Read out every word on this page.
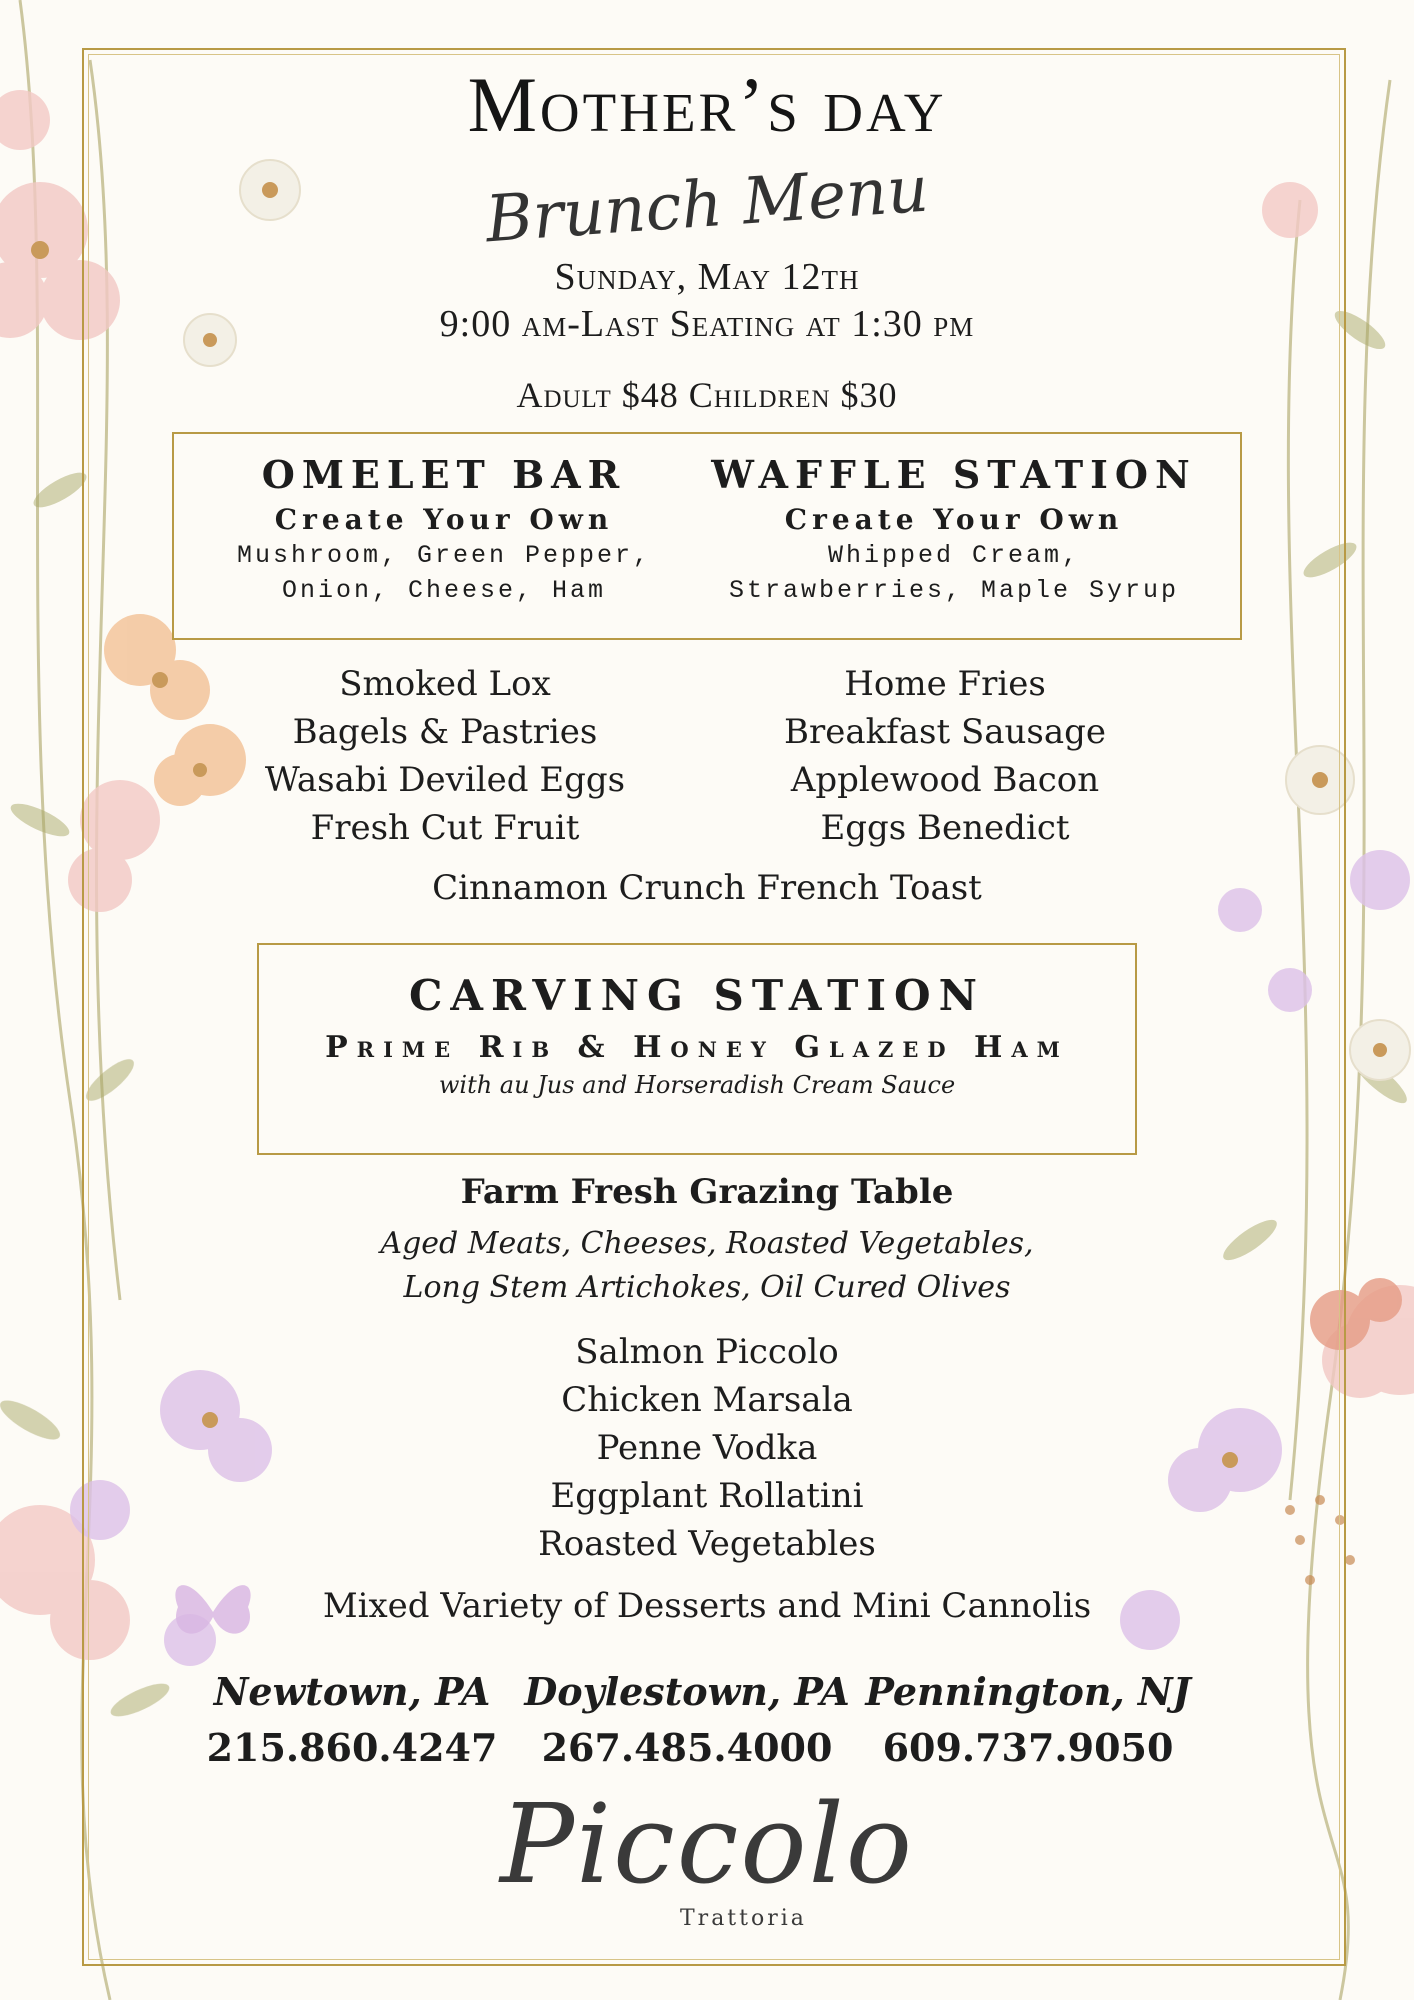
Mother’s day
Brunch Menu
Sunday, May 12th
9:00 am-Last Seating at 1:30 pm
Adult $48 Children $30
OMELET BAR
Create Your Own
Mushroom, Green Pepper,
Onion, Cheese, Ham
WAFFLE STATION
Create Your Own
Whipped Cream,
Strawberries, Maple Syrup
Smoked Lox
Bagels & Pastries
Wasabi Deviled Eggs
Fresh Cut Fruit
Home Fries
Breakfast Sausage
Applewood Bacon
Eggs Benedict
Cinnamon Crunch French Toast
CARVING STATION
Prime Rib & Honey Glazed Ham
with au Jus and Horseradish Cream Sauce
Farm Fresh Grazing Table
Aged Meats, Cheeses, Roasted Vegetables,
Long Stem Artichokes, Oil Cured Olives
Salmon Piccolo
Chicken Marsala
Penne Vodka
Eggplant Rollatini
Roasted Vegetables
Mixed Variety of Desserts and Mini Cannolis
Newtown, PA
215.860.4247
Doylestown, PA
267.485.4000
Pennington, NJ
609.737.9050
Piccolo
Trattoria
